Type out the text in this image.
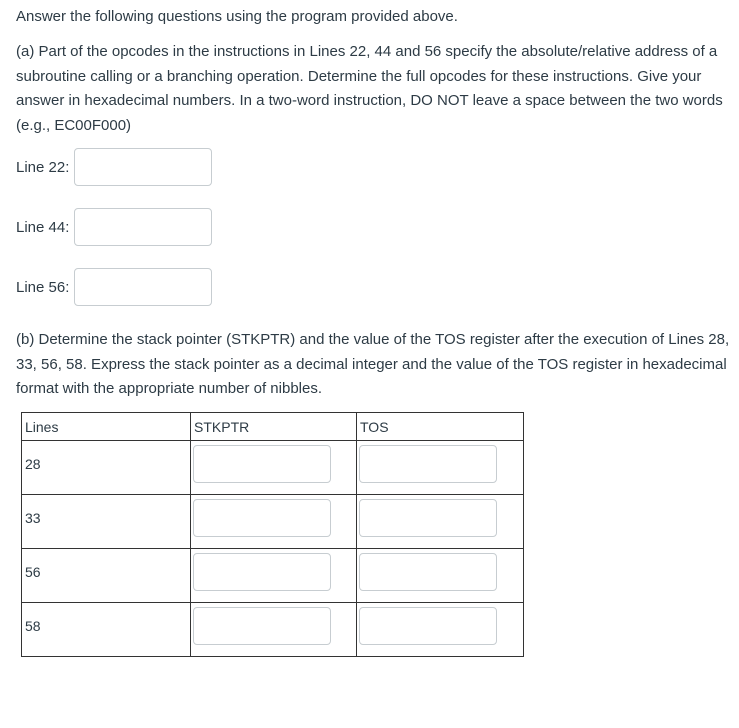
Answer the following questions using the program provided above.

(a) Part of the opcodes in the instructions in Lines 22, 44 and 56 specify the absolute/relative address of a subroutine calling or a branching operation. Determine the full opcodes for these instructions. Give your answer in hexadecimal numbers. In a two-word instruction, DO NOT leave a space between the two words (e.g., EC00F000)

Line 22:
Line 44:
Line 56:

(b) Determine the stack pointer (STKPTR) and the value of the TOS register after the execution of Lines 28, 33, 56, 58. Express the stack pointer as a decimal integer and the value of the TOS register in hexadecimal format with the appropriate number of nibbles.

Lines	STKPTR	TOS
28	

33	

56	

58	
